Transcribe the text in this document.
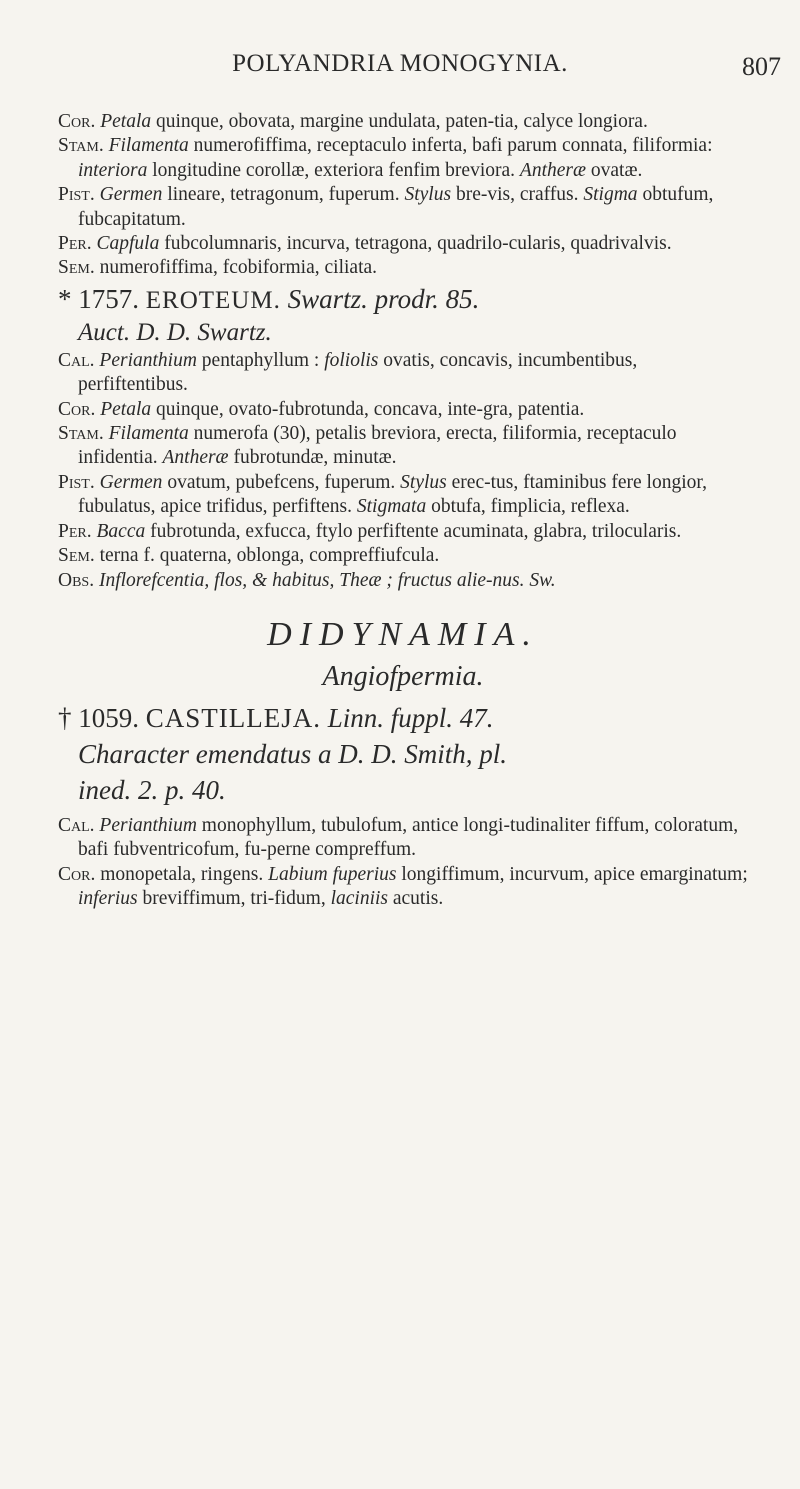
POLYANDRIA MONOGYNIA.	807

Cor. Petala quinque, obovata, margine undulata, paten-tia, calyce longiora.

Stam. Filamenta numerofiffima, receptaculo inferta, bafi parum connata, filiformia: interiora longitudine corollæ, exteriora fenfim breviora. Antheræ ovatæ.

Pist. Germen lineare, tetragonum, fuperum. Stylus bre-vis, craffus. Stigma obtufum, fubcapitatum.

Per. Capfula fubcolumnaris, incurva, tetragona, quadrilo-cularis, quadrivalvis.

Sem. numerofiffima, fcobiformia, ciliata.

* 1757. EROTEUM. Swartz. prodr. 85.
Auct. D. D. Swartz.

Cal. Perianthium pentaphyllum : foliolis ovatis, concavis, incumbentibus, perfiftentibus.

Cor. Petala quinque, ovato-fubrotunda, concava, inte-gra, patentia.

Stam. Filamenta numerofa (30), petalis breviora, erecta, filiformia, receptaculo infidentia. Antheræ fubrotundæ, minutæ.

Pist. Germen ovatum, pubefcens, fuperum. Stylus erec-tus, ftaminibus fere longior, fubulatus, apice trifidus, perfiftens. Stigmata obtufa, fimplicia, reflexa.

Per. Bacca fubrotunda, exfucca, ftylo perfiftente acuminata, glabra, trilocularis.

Sem. terna f. quaterna, oblonga, compreffiufcula.

Obs. Inflorefcentia, flos, & habitus, Theæ ; fructus alie-nus. Sw.

DIDYNAMIA.
Angiofpermia.
† 1059. CASTILLEJA. Linn. fuppl. 47.
Character emendatus a D. D. Smith, pl.
ined. 2. p. 40.

Cal. Perianthium monophyllum, tubulofum, antice longi-tudinaliter fiffum, coloratum, bafi fubventricofum, fu-perne compreffum.

Cor. monopetala, ringens. Labium fuperius longiffimum, incurvum, apice emarginatum; inferius breviffimum, tri-fidum, laciniis acutis.
